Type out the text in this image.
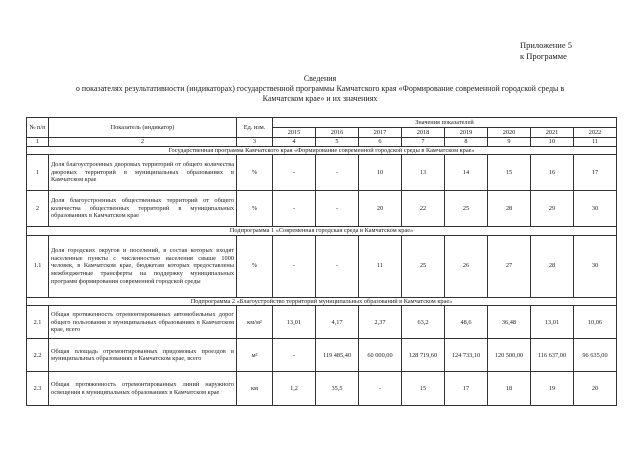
Приложение 5
к Программе
Сведения
о показателях результативности (индикаторах) государственной программы Камчатского края «Формирование современной городской среды в
Камчатском крае» и их значениях
№ п/п	Показатель (индикатор)	Ед. изм.	Значения показателей							
			2015	2016	2017	2018	2019	2020	2021	2022
1	2	3	4	5	6	7	8	9	10	11
Государственная программа Камчатского края «Формирование современной городской среды в Камчатском крае»										
1	Доля благоустроенных дворовых территорий от общего количества дворовых территорий в муниципальных образованиях в Камчатском крае	%	-	-	10	13	14	15	16	17
2	Доля благоустроенных общественных территорий от общего количества общественных территорий в муниципальных образованиях в Камчатском крае	%	-	-	20	22	25	28	29	30
Подпрограмма 1 «Современная городская среда в Камчатском крае»										
1.1	Доля городских округов и поселений, в состав которых входят населенные пункты с численностью населения свыше 1000 человек, в Камчатском крае, бюджетам которых предоставлены межбюджетные трансферты на поддержку муниципальных программ формирования современной городской среды	%	-	-	11	25	26	27	28	30
Подпрограмма 2 «Благоустройство территорий муниципальных образований в Камчатском крае»										
2.1	Общая протяженность отремонтированных автомобильных дорог общего пользования в муниципальных образованиях в Камчатском крае, всего	км/м²	13,01	4,17	2,37	63,2	48,6	36,48	13,01	10,06
2.2	Общая площадь отремонтированных придомовых проездов в муниципальных образованиях в Камчатском крае, всего	м²	-	119 485,40	60 000,00	128 719,60	124 733,10	120 500,00	116 637,00	96 635,00
2.3	Общая протяженность отремонтированных линий наружного освещения в муниципальных образованиях в Камчатском крае	км	1,2	35,5	-	15	17	18	19	20
